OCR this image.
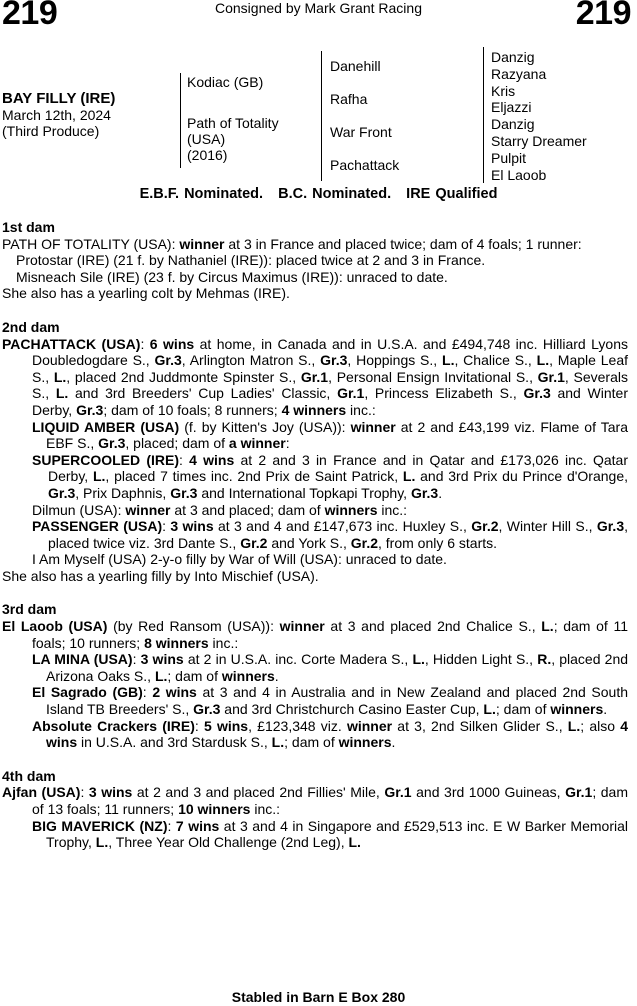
219	Consigned by Mark Grant Racing	219
BAY FILLY (IRE)
March 12th, 2024
(Third Produce)
Kodiac (GB)
Path of Totality
(USA)
(2016)
Danehill
Rafha
War Front
Pachattack
Danzig
Razyana
Kris
Eljazzi
Danzig
Starry Dreamer
Pulpit
El Laoob
E.B.F. Nominated.   B.C. Nominated.   IRE Qualified
1st dam
PATH OF TOTALITY (USA): winner at 3 in France and placed twice; dam of 4 foals; 1 runner:
Protostar (IRE) (21 f. by Nathaniel (IRE)): placed twice at 2 and 3 in France.
Misneach Sile (IRE) (23 f. by Circus Maximus (IRE)): unraced to date.
She also has a yearling colt by Mehmas (IRE).
2nd dam
PACHATTACK (USA): 6 wins at home, in Canada and in U.S.A. and £494,748 inc. Hilliard Lyons Doubledogdare S., Gr.3, Arlington Matron S., Gr.3, Hoppings S., L., Chalice S., L., Maple Leaf S., L., placed 2nd Juddmonte Spinster S., Gr.1, Personal Ensign Invitational S., Gr.1, Severals S., L. and 3rd Breeders' Cup Ladies' Classic, Gr.1, Princess Elizabeth S., Gr.3 and Winter Derby, Gr.3; dam of 10 foals; 8 runners; 4 winners inc.:
LIQUID AMBER (USA) (f. by Kitten's Joy (USA)): winner at 2 and £43,199 viz. Flame of Tara EBF S., Gr.3, placed; dam of a winner:
SUPERCOOLED (IRE): 4 wins at 2 and 3 in France and in Qatar and £173,026 inc. Qatar Derby, L., placed 7 times inc. 2nd Prix de Saint Patrick, L. and 3rd Prix du Prince d'Orange, Gr.3, Prix Daphnis, Gr.3 and International Topkapi Trophy, Gr.3.
Dilmun (USA): winner at 3 and placed; dam of winners inc.:
PASSENGER (USA): 3 wins at 3 and 4 and £147,673 inc. Huxley S., Gr.2, Winter Hill S., Gr.3, placed twice viz. 3rd Dante S., Gr.2 and York S., Gr.2, from only 6 starts.
I Am Myself (USA) 2-y-o filly by War of Will (USA): unraced to date.
She also has a yearling filly by Into Mischief (USA).
3rd dam
El Laoob (USA) (by Red Ransom (USA)): winner at 3 and placed 2nd Chalice S., L.; dam of 11 foals; 10 runners; 8 winners inc.:
LA MINA (USA): 3 wins at 2 in U.S.A. inc. Corte Madera S., L., Hidden Light S., R., placed 2nd Arizona Oaks S., L.; dam of winners.
El Sagrado (GB): 2 wins at 3 and 4 in Australia and in New Zealand and placed 2nd South Island TB Breeders' S., Gr.3 and 3rd Christchurch Casino Easter Cup, L.; dam of winners.
Absolute Crackers (IRE): 5 wins, £123,348 viz. winner at 3, 2nd Silken Glider S., L.; also 4 wins in U.S.A. and 3rd Stardusk S., L.; dam of winners.
4th dam
Ajfan (USA): 3 wins at 2 and 3 and placed 2nd Fillies' Mile, Gr.1 and 3rd 1000 Guineas, Gr.1; dam of 13 foals; 11 runners; 10 winners inc.:
BIG MAVERICK (NZ): 7 wins at 3 and 4 in Singapore and £529,513 inc. E W Barker Memorial Trophy, L., Three Year Old Challenge (2nd Leg), L.
Stabled in Barn E Box 280
